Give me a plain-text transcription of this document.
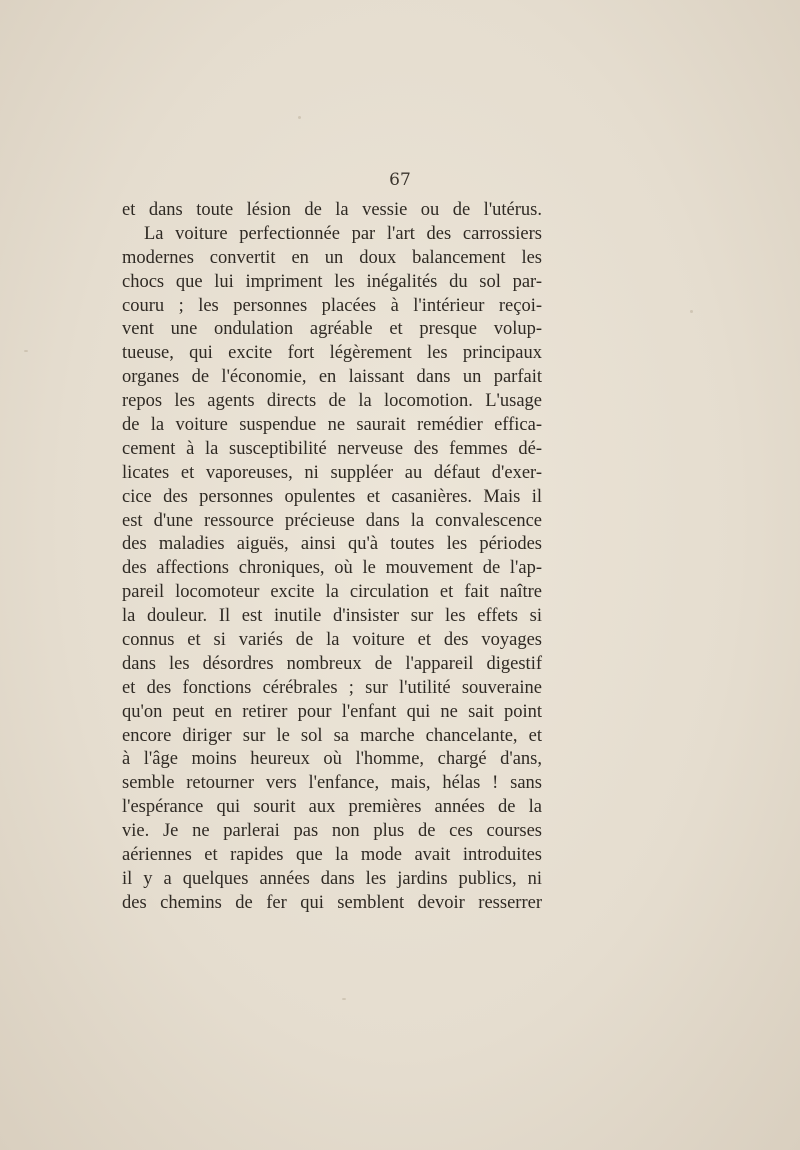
67
et dans toute lésion de la vessie ou de l'utérus.
La voiture perfectionnée par l'art des carrossiers
modernes convertit en un doux balancement les
chocs que lui impriment les inégalités du sol par-
couru ; les personnes placées à l'intérieur reçoi-
vent une ondulation agréable et presque volup-
tueuse, qui excite fort légèrement les principaux
organes de l'économie, en laissant dans un parfait
repos les agents directs de la locomotion. L'usage
de la voiture suspendue ne saurait remédier effica-
cement à la susceptibilité nerveuse des femmes dé-
licates et vaporeuses, ni suppléer au défaut d'exer-
cice des personnes opulentes et casanières. Mais il
est d'une ressource précieuse dans la convalescence
des maladies aiguës, ainsi qu'à toutes les périodes
des affections chroniques, où le mouvement de l'ap-
pareil locomoteur excite la circulation et fait naître
la douleur. Il est inutile d'insister sur les effets si
connus et si variés de la voiture et des voyages
dans les désordres nombreux de l'appareil digestif
et des fonctions cérébrales ; sur l'utilité souveraine
qu'on peut en retirer pour l'enfant qui ne sait point
encore diriger sur le sol sa marche chancelante, et
à l'âge moins heureux où l'homme, chargé d'ans,
semble retourner vers l'enfance, mais, hélas ! sans
l'espérance qui sourit aux premières années de la
vie. Je ne parlerai pas non plus de ces courses
aériennes et rapides que la mode avait introduites
il y a quelques années dans les jardins publics, ni
des chemins de fer qui semblent devoir resserrer
